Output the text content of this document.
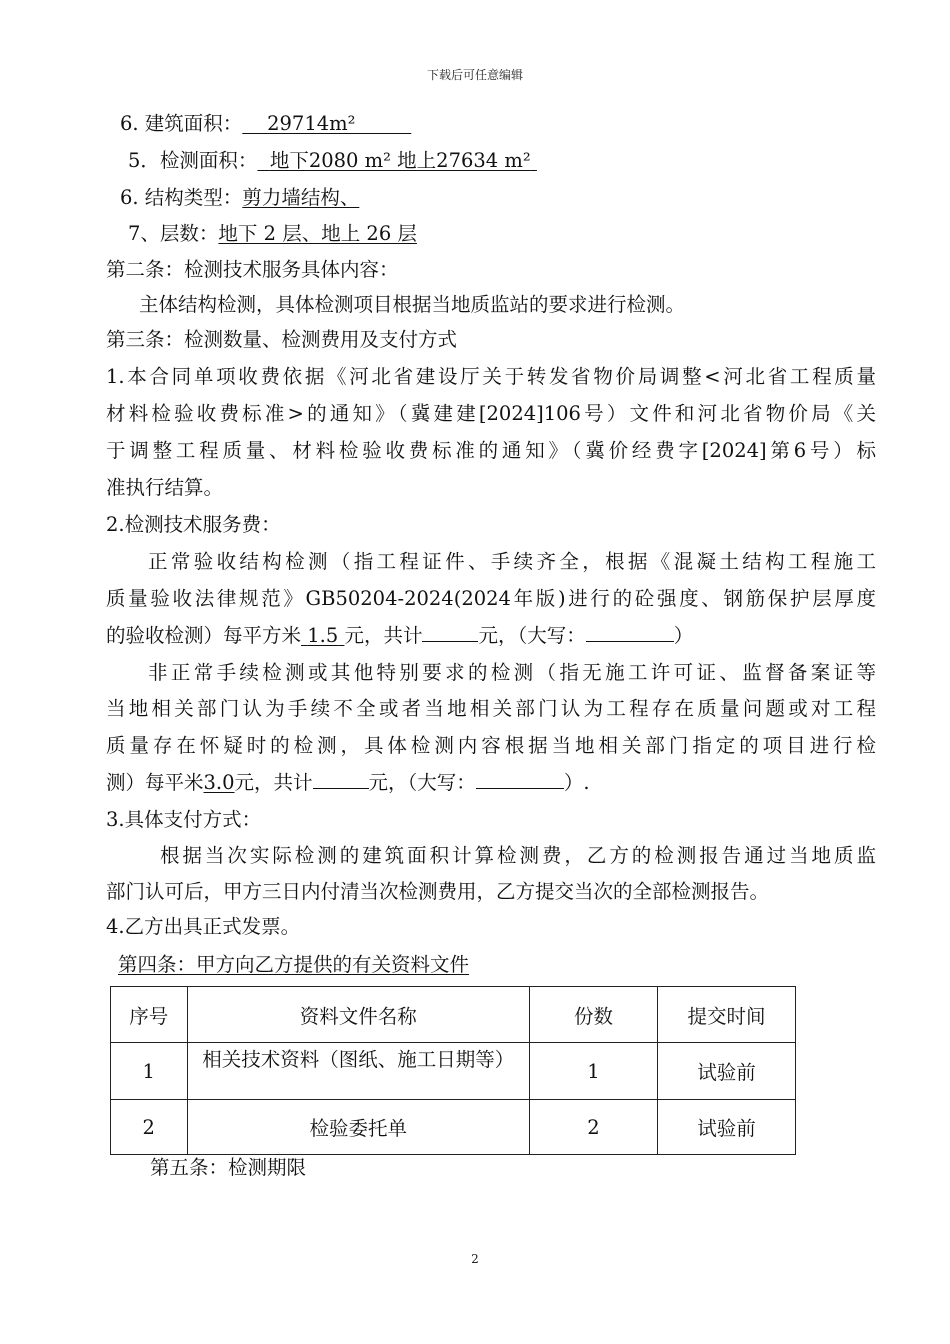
下载后可任意编辑
6. 建筑面积： 29714m²
5．检测面积： 地下2080 m² 地上27634 m²
6. 结构类型：剪力墙结构、
7、层数：地下 2 层、地上 26 层
第二条：检测技术服务具体内容：
主体结构检测，具体检测项目根据当地质监站的要求进行检测。
第三条：检测数量、检测费用及支付方式
1.本合同单项收费依据《河北省建设厅关于转发省物价局调整<河北省工程质量
材料检验收费标准>的通知》（冀建建[2024]106号）文件和河北省物价局《关
于调整工程质量、材料检验收费标准的通知》（冀价经费字[2024]第6号）标
准执行结算。
2.检测技术服务费：
正常验收结构检测（指工程证件、手续齐全，根据《混凝土结构工程施工
质量验收法律规范》GB50204-2024(2024年版)进行的砼强度、钢筋保护层厚度
的验收检测）每平方米 1.5 元，共计	元，（大写：	）
非正常手续检测或其他特别要求的检测（指无施工许可证、监督备案证等
当地相关部门认为手续不全或者当地相关部门认为工程存在质量问题或对工程
质量存在怀疑时的检测，具体检测内容根据当地相关部门指定的项目进行检
测）每平米3.0元，共计	元，（大写：	）.
3.具体支付方式：
根据当次实际检测的建筑面积计算检测费，乙方的检测报告通过当地质监
部门认可后，甲方三日内付清当次检测费用，乙方提交当次的全部检测报告。
4.乙方出具正式发票。
第四条：甲方向乙方提供的有关资料文件
序号	资料文件名称	份数	提交时间
1	相关技术资料（图纸、施工日期等）	1	试验前
2	检验委托单	2	试验前
第五条：检测期限
2
